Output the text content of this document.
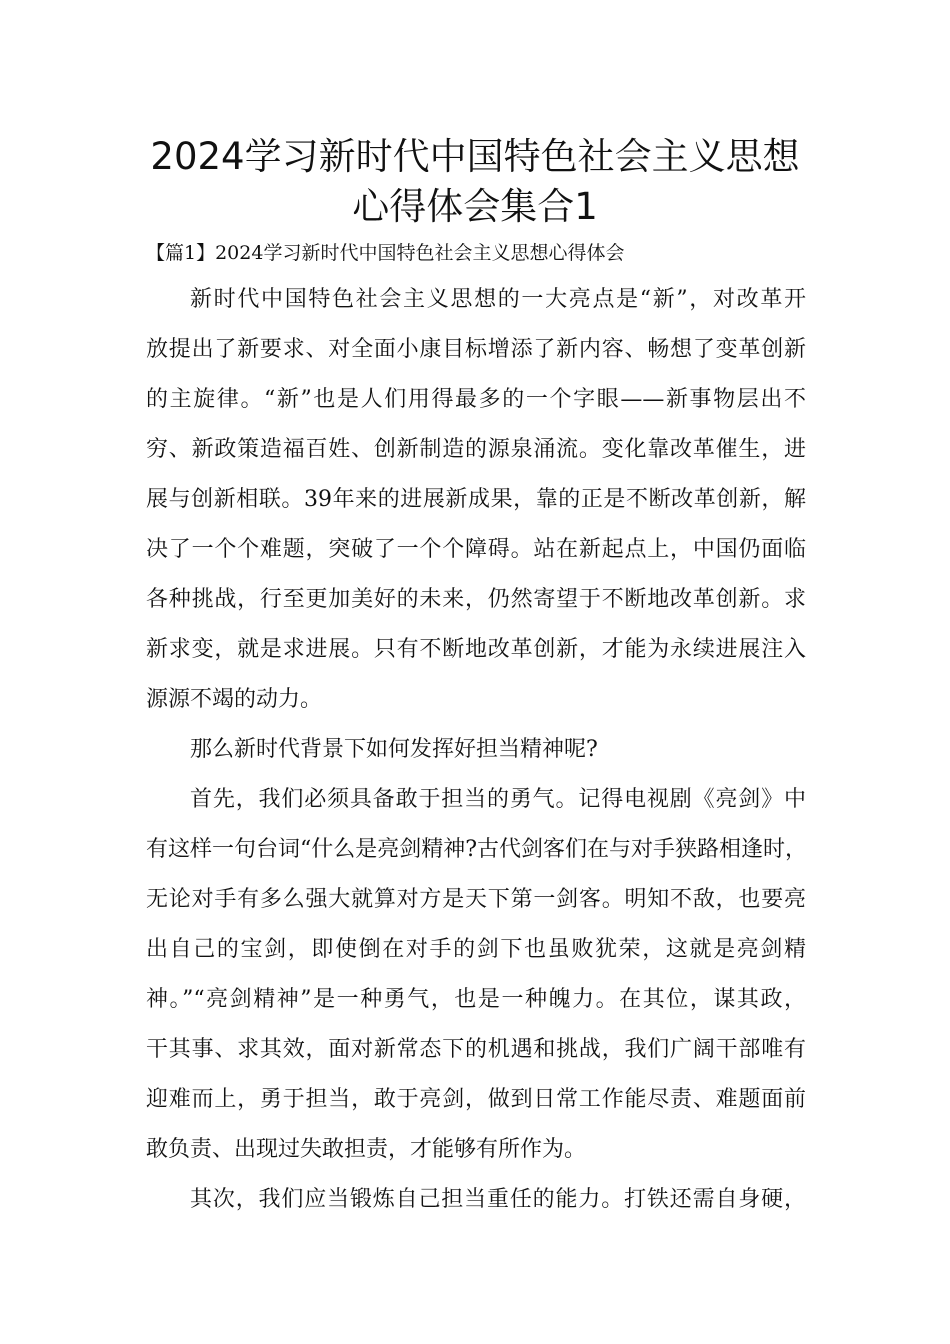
2024学习新时代中国特色社会主义思想
心得体会集合1
【篇1】2024学习新时代中国特色社会主义思想心得体会
新时代中国特色社会主义思想的一大亮点是“新”，对改革开
放提出了新要求、对全面小康目标增添了新内容、畅想了变革创新
的主旋律。“新”也是人们用得最多的一个字眼——新事物层出不
穷、新政策造福百姓、创新制造的源泉涌流。变化靠改革催生，进
展与创新相联。39年来的进展新成果，靠的正是不断改革创新，解
决了一个个难题，突破了一个个障碍。站在新起点上，中国仍面临
各种挑战，行至更加美好的未来，仍然寄望于不断地改革创新。求
新求变，就是求进展。只有不断地改革创新，才能为永续进展注入
源源不竭的动力。
那么新时代背景下如何发挥好担当精神呢?
首先，我们必须具备敢于担当的勇气。记得电视剧《亮剑》中
有这样一句台词“什么是亮剑精神?古代剑客们在与对手狭路相逢时，
无论对手有多么强大就算对方是天下第一剑客。明知不敌，也要亮
出自己的宝剑，即使倒在对手的剑下也虽败犹荣，这就是亮剑精
神。”“亮剑精神”是一种勇气，也是一种魄力。在其位，谋其政，
干其事、求其效，面对新常态下的机遇和挑战，我们广阔干部唯有
迎难而上，勇于担当，敢于亮剑，做到日常工作能尽责、难题面前
敢负责、出现过失敢担责，才能够有所作为。
其次，我们应当锻炼自己担当重任的能力。打铁还需自身硬，
